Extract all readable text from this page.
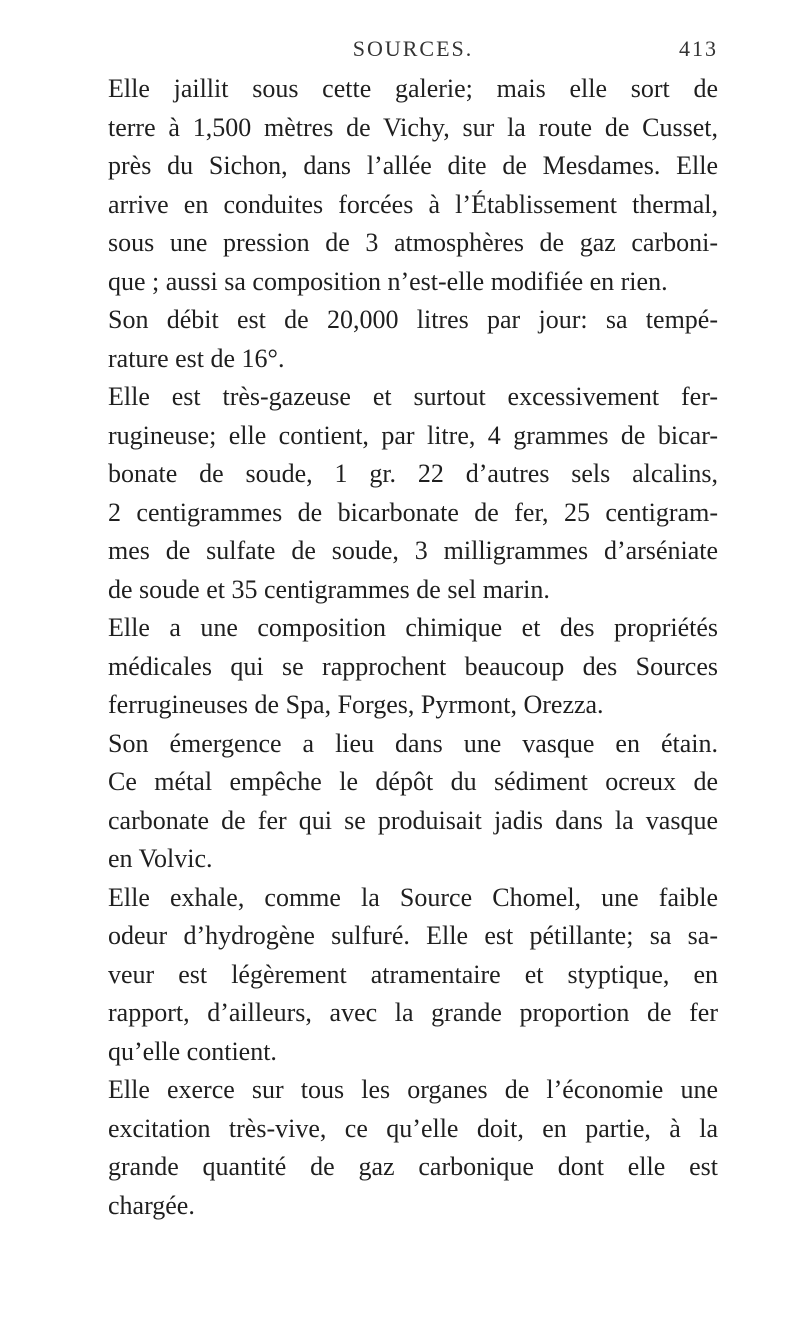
SOURCES.	413

Elle jaillit sous cette galerie; mais elle sort de
terre à 1,500 mètres de Vichy, sur la route de Cusset,
près du Sichon, dans l’allée dite de Mesdames. Elle
arrive en conduites forcées à l’Établissement thermal,
sous une pression de 3 atmosphères de gaz carboni-
que ; aussi sa composition n’est-elle modifiée en rien.

Son débit est de 20,000 litres par jour: sa tempé-
rature est de 16°.

Elle est très-gazeuse et surtout excessivement fer-
rugineuse; elle contient, par litre, 4 grammes de bicar-
bonate de soude, 1 gr. 22 d’autres sels alcalins,
2 centigrammes de bicarbonate de fer, 25 centigram-
mes de sulfate de soude, 3 milligrammes d’arséniate
de soude et 35 centigrammes de sel marin.

Elle a une composition chimique et des propriétés
médicales qui se rapprochent beaucoup des Sources
ferrugineuses de Spa, Forges, Pyrmont, Orezza.

Son émergence a lieu dans une vasque en étain.
Ce métal empêche le dépôt du sédiment ocreux de
carbonate de fer qui se produisait jadis dans la vasque
en Volvic.

Elle exhale, comme la Source Chomel, une faible
odeur d’hydrogène sulfuré. Elle est pétillante; sa sa-
veur est légèrement atramentaire et styptique, en
rapport, d’ailleurs, avec la grande proportion de fer
qu’elle contient.

Elle exerce sur tous les organes de l’économie une
excitation très-vive, ce qu’elle doit, en partie, à la
grande quantité de gaz carbonique dont elle est
chargée.
